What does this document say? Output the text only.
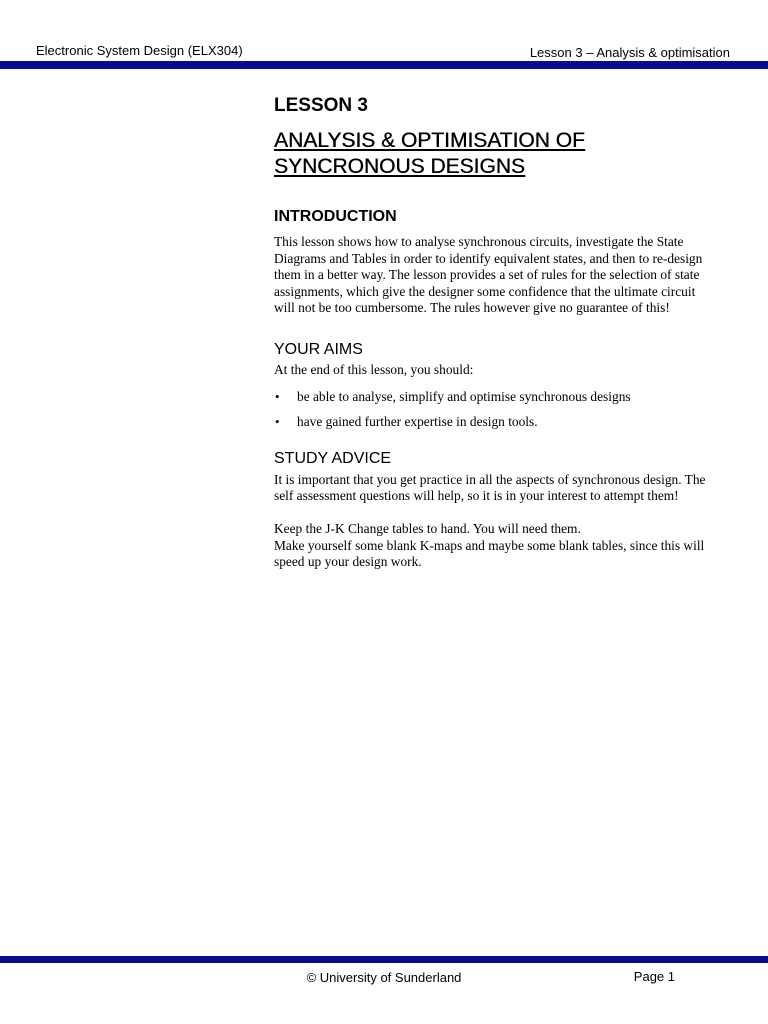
Electronic System Design (ELX304)	Lesson 3 – Analysis & optimisation
LESSON 3
ANALYSIS & OPTIMISATION OF
SYNCRONOUS DESIGNS
INTRODUCTION

This lesson shows how to analyse synchronous circuits, investigate the State Diagrams and Tables in order to identify equivalent states, and then to re-design them in a better way. The lesson provides a set of rules for the selection of state assignments, which give the designer some confidence that the ultimate circuit will not be too cumbersome. The rules however give no guarantee of this!

YOUR AIMS

At the end of this lesson, you should:

• be able to analyse, simplify and optimise synchronous designs
• have gained further expertise in design tools.
STUDY ADVICE

It is important that you get practice in all the aspects of synchronous design. The self assessment questions will help, so it is in your interest to attempt them!

Keep the J-K Change tables to hand. You will need them.

Make yourself some blank K-maps and maybe some blank tables, since this will speed up your design work.

© University of Sunderland	Page 1
